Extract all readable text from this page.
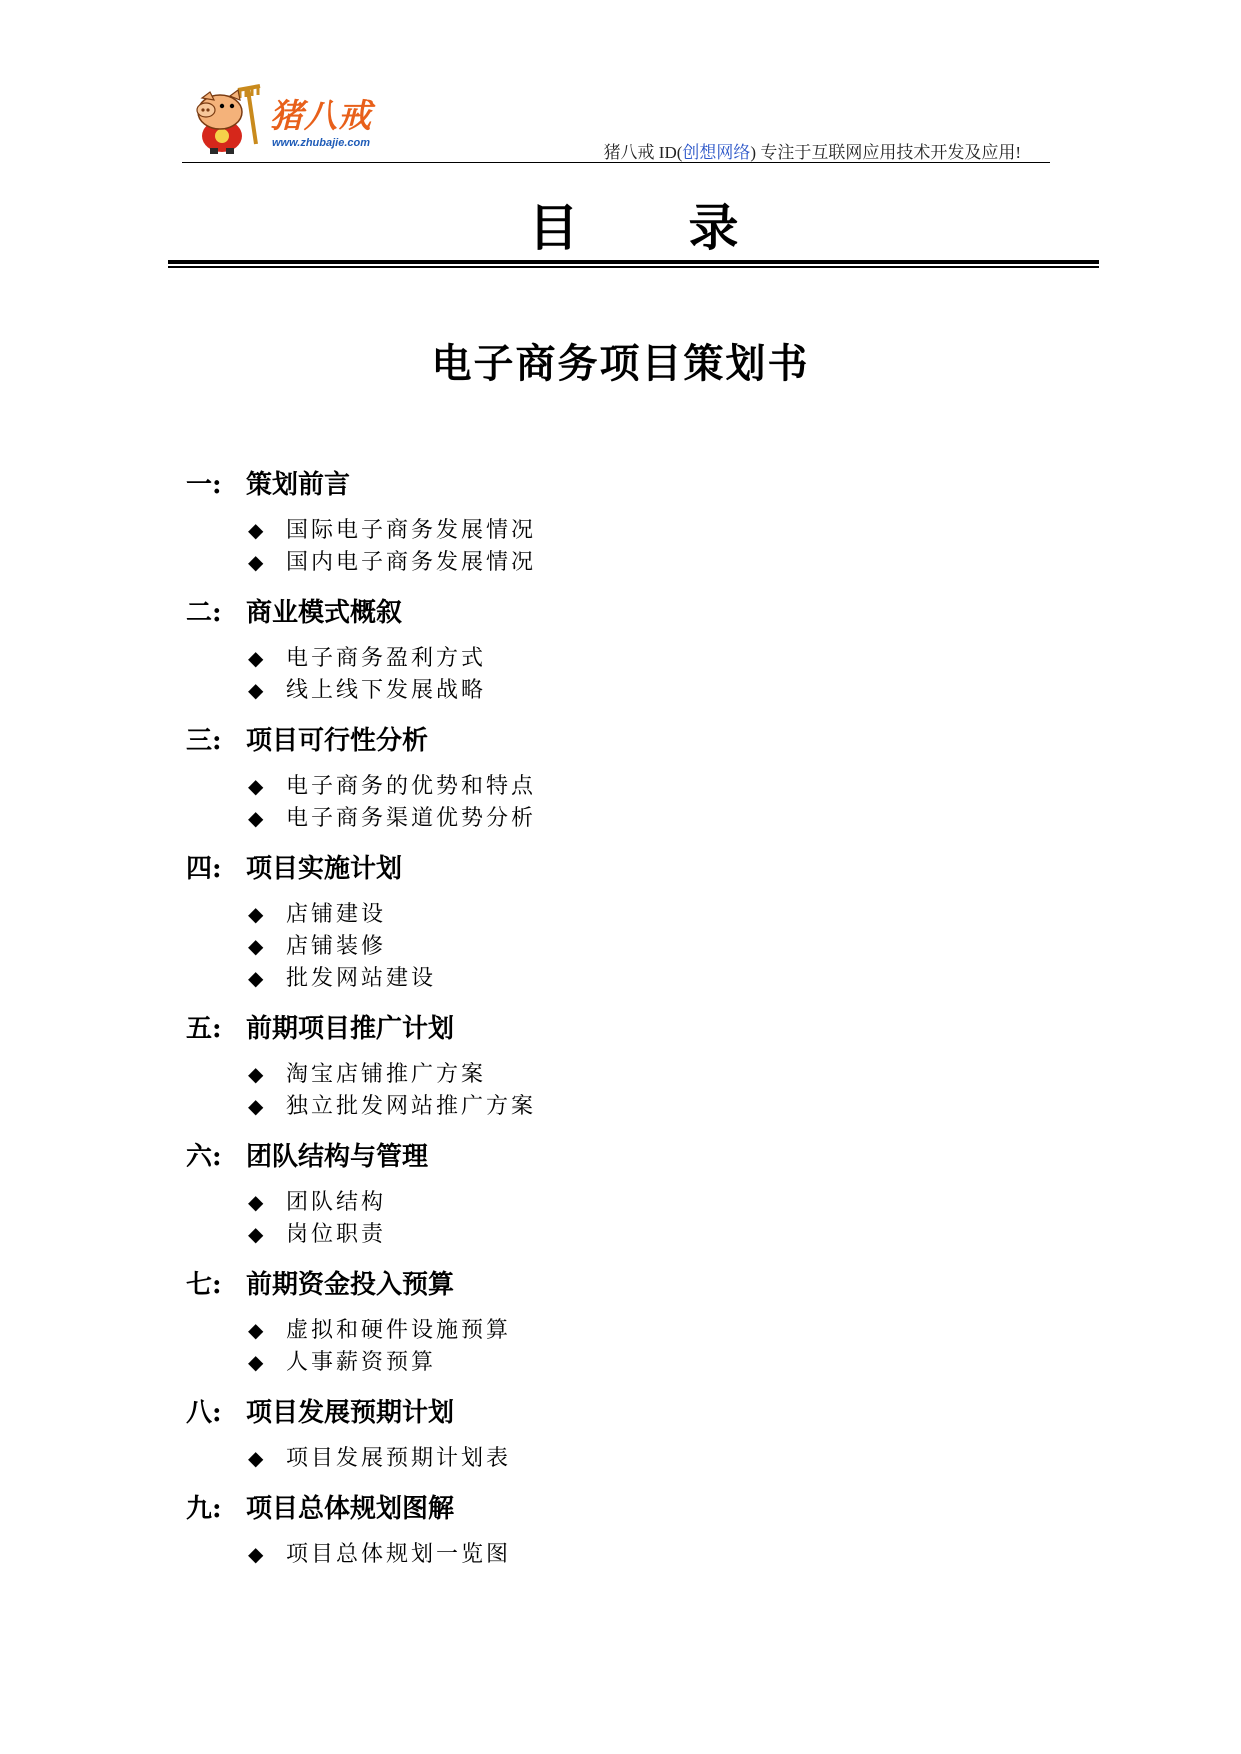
猪八戒
www.zhubajie.com	猪八戒 ID(创想网络) 专注于互联网应用技术开发及应用!
目录
电子商务项目策划书
一: 策划前言
◆ 国际电子商务发展情况
◆ 国内电子商务发展情况
二: 商业模式概叙
◆ 电子商务盈利方式
◆ 线上线下发展战略
三: 项目可行性分析
◆ 电子商务的优势和特点
◆ 电子商务渠道优势分析
四: 项目实施计划
◆ 店铺建设
◆ 店铺装修
◆ 批发网站建设
五: 前期项目推广计划
◆ 淘宝店铺推广方案
◆ 独立批发网站推广方案
六: 团队结构与管理
◆ 团队结构
◆ 岗位职责
七: 前期资金投入预算
◆ 虚拟和硬件设施预算
◆ 人事薪资预算
八: 项目发展预期计划
◆ 项目发展预期计划表
九: 项目总体规划图解
◆ 项目总体规划一览图
